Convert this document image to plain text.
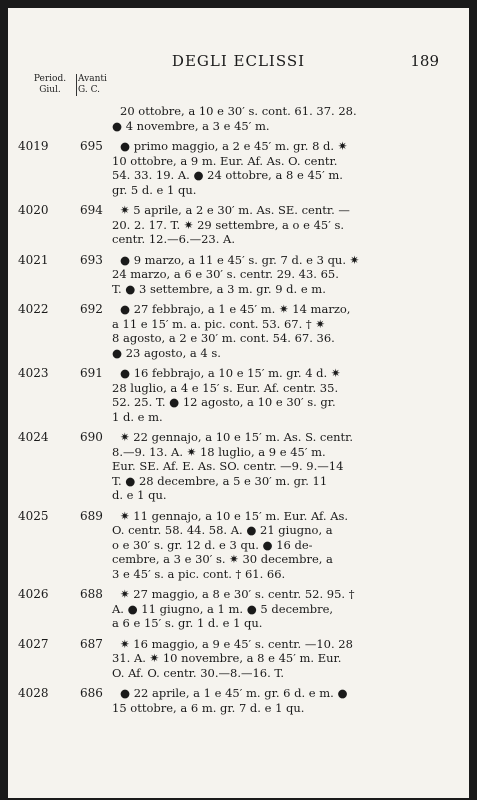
DEGLI ECLISSI	189
Period.
Giul.
Avanti
G. C.
20 ottobre, a 10 e 30′ s. cont. 61. 37. 28.
● 4 novembre, a 3 e 45′ m.
4019	695	● primo maggio, a 2 e 45′ m. gr. 8 d. ✷
10 ottobre, a 9 m. Eur. Af. As. O. centr.
54. 33. 19. A. ● 24 ottobre, a 8 e 45′ m.
gr. 5 d. e 1 qu.
4020	694	✷ 5 aprile, a 2 e 30′ m. As. SE. centr. —
20. 2. 17. T. ✷ 29 settembre, a o e 45′ s.
centr. 12.—6.—23. A.
4021	693	● 9 marzo, a 11 e 45′ s. gr. 7 d. e 3 qu. ✷
24 marzo, a 6 e 30′ s. centr. 29. 43. 65.
T. ● 3 settembre, a 3 m. gr. 9 d. e m.
4022	692	● 27 febbrajo, a 1 e 45′ m. ✷ 14 marzo,
a 11 e 15′ m. a. pic. cont. 53. 67. † ✷
8 agosto, a 2 e 30′ m. cont. 54. 67. 36.
● 23 agosto, a 4 s.
4023	691	● 16 febbrajo, a 10 e 15′ m. gr. 4 d. ✷
28 luglio, a 4 e 15′ s. Eur. Af. centr. 35.
52. 25. T. ● 12 agosto, a 10 e 30′ s. gr.
1 d. e m.
4024	690	✷ 22 gennajo, a 10 e 15′ m. As. S. centr.
8.—9. 13. A. ✷ 18 luglio, a 9 e 45′ m.
Eur. SE. Af. E. As. SO. centr. —9. 9.—14
T. ● 28 decembre, a 5 e 30′ m. gr. 11
d. e 1 qu.
4025	689	✷ 11 gennajo, a 10 e 15′ m. Eur. Af. As.
O. centr. 58. 44. 58. A. ● 21 giugno, a
o e 30′ s. gr. 12 d. e 3 qu. ● 16 de-
cembre, a 3 e 30′ s. ✷ 30 decembre, a
3 e 45′ s. a pic. cont. † 61. 66.
4026	688	✷ 27 maggio, a 8 e 30′ s. centr. 52. 95. †
A. ● 11 giugno, a 1 m. ● 5 decembre,
a 6 e 15′ s. gr. 1 d. e 1 qu.
4027	687	✷ 16 maggio, a 9 e 45′ s. centr. —10. 28
31. A. ✷ 10 novembre, a 8 e 45′ m. Eur.
O. Af. O. centr. 30.—8.—16. T.
4028	686	● 22 aprile, a 1 e 45′ m. gr. 6 d. e m. ●
15 ottobre, a 6 m. gr. 7 d. e 1 qu.
